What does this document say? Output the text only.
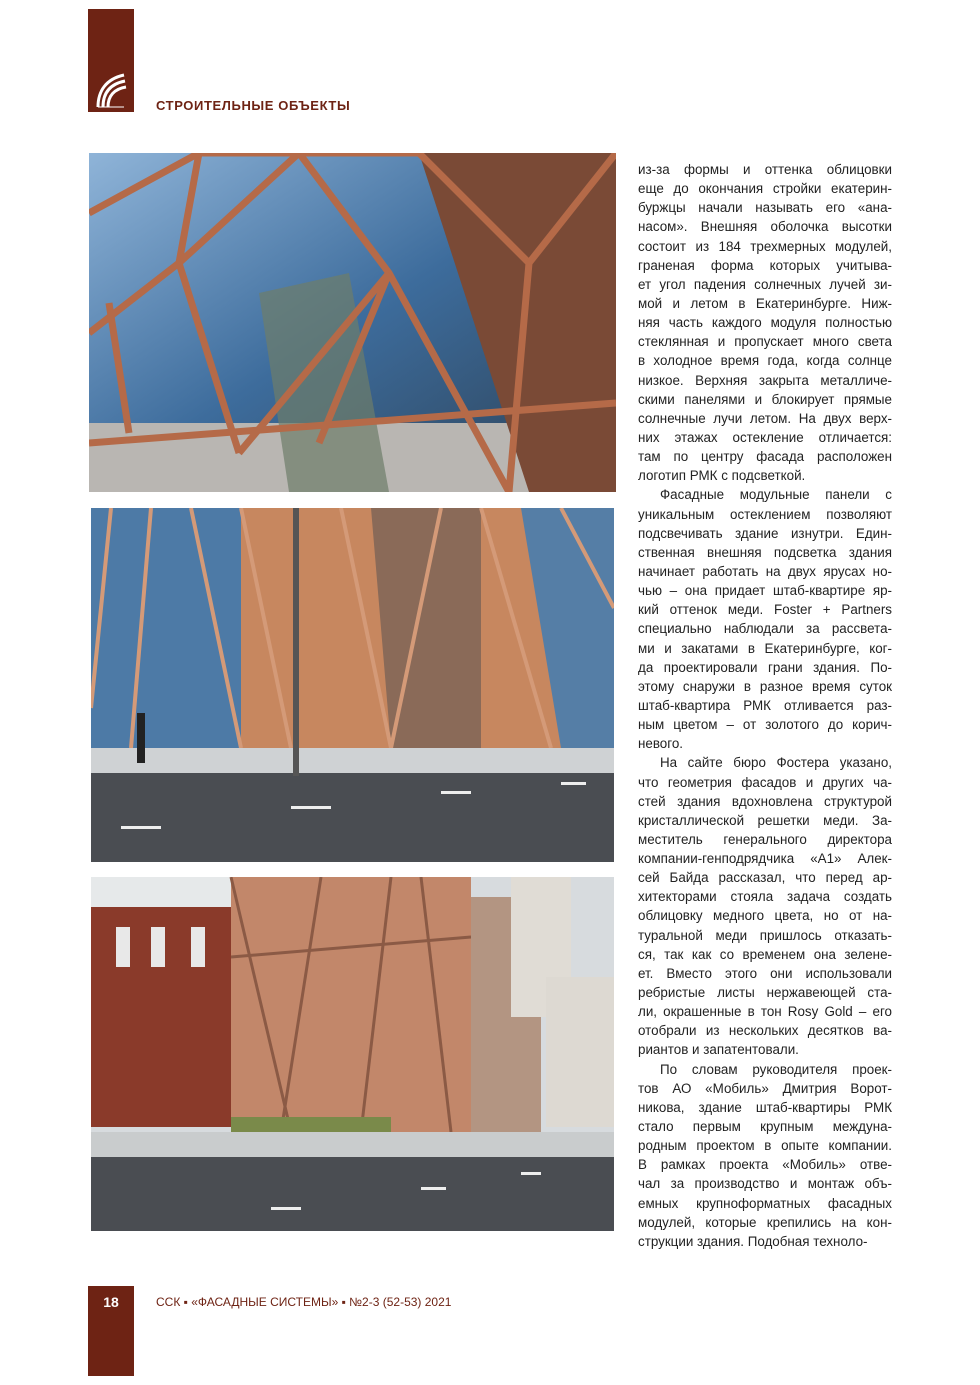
СТРОИТЕЛЬНЫЕ ОБЪЕКТЫ
из-за формы и оттенка облицовки
еще до окончания стройки екатерин-
буржцы начали называть его «ана-
насом». Внешняя оболочка высотки
состоит из 184 трехмерных модулей,
граненая форма которых учитыва-
ет угол падения солнечных лучей зи-
мой и летом в Екатеринбурге. Ниж-
няя часть каждого модуля полностью
стеклянная и пропускает много света
в холодное время года, когда солнце
низкое. Верхняя закрыта металличе-
скими панелями и блокирует прямые
солнечные лучи летом. На двух верх-
них этажах остекление отличается:
там по центру фасада расположен
логотип РМК с подсветкой.
Фасадные модульные панели с
уникальным остеклением позволяют
подсвечивать здание изнутри. Един-
ственная внешняя подсветка здания
начинает работать на двух ярусах но-
чью – она придает штаб-квартире яр-
кий оттенок меди. Foster + Partners
специально наблюдали за рассвета-
ми и закатами в Екатеринбурге, ког-
да проектировали грани здания. По-
этому снаружи в разное время суток
штаб-квартира РМК отливается раз-
ным цветом – от золотого до корич-
невого.
На сайте бюро Фостера указано,
что геометрия фасадов и других ча-
стей здания вдохновлена структурой
кристаллической решетки меди. За-
меститель генерального директора
компании-генподрядчика «А1» Алек-
сей Байда рассказал, что перед ар-
хитекторами стояла задача создать
облицовку медного цвета, но от на-
туральной меди пришлось отказать-
ся, так как со временем она зелене-
ет. Вместо этого они использовали
ребристые листы нержавеющей ста-
ли, окрашенные в тон Rosy Gold – его
отобрали из нескольких десятков ва-
риантов и запатентовали.
По словам руководителя проек-
тов АО «Мобиль» Дмитрия Ворот-
никова, здание штаб-квартиры РМК
стало первым крупным междуна-
родным проектом в опыте компании.
В рамках проекта «Мобиль» отве-
чал за производство и монтаж объ-
емных крупноформатных фасадных
модулей, которые крепились на кон-
струкции здания. Подобная техноло-
18	ССК ▪ «ФАСАДНЫЕ СИСТЕМЫ» ▪ №2-3 (52-53) 2021
